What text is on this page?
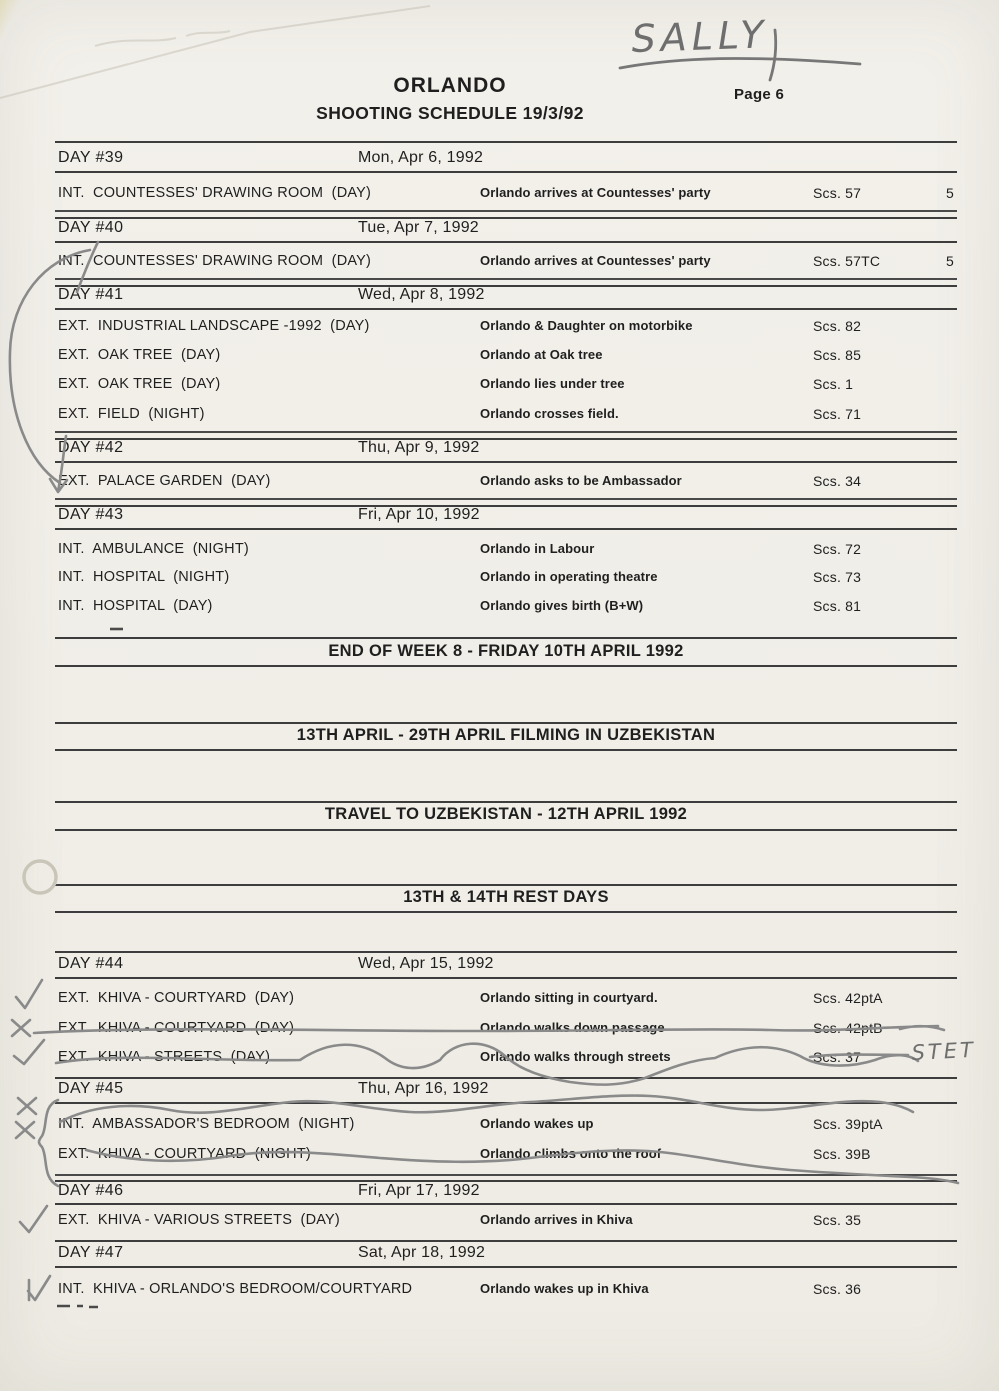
ORLANDO
SHOOTING SCHEDULE 19/3/92
Page 6
DAY #39	Mon, Apr 6, 1992
INT.  COUNTESSES' DRAWING ROOM  (DAY)	Orlando arrives at Countesses' party	Scs. 57	5
DAY #40	Tue, Apr 7, 1992
INT.  COUNTESSES' DRAWING ROOM  (DAY)	Orlando arrives at Countesses' party	Scs. 57TC	5
DAY #41	Wed, Apr 8, 1992
EXT.  INDUSTRIAL LANDSCAPE -1992  (DAY)	Orlando & Daughter on motorbike	Scs. 82
EXT.  OAK TREE  (DAY)	Orlando at Oak tree	Scs. 85
EXT.  OAK TREE  (DAY)	Orlando lies under tree	Scs. 1
EXT.  FIELD  (NIGHT)	Orlando crosses field.	Scs. 71
DAY #42	Thu, Apr 9, 1992
EXT.  PALACE GARDEN  (DAY)	Orlando asks to be Ambassador	Scs. 34
DAY #43	Fri, Apr 10, 1992
INT.  AMBULANCE  (NIGHT)	Orlando in Labour	Scs. 72
INT.  HOSPITAL  (NIGHT)	Orlando in operating theatre	Scs. 73
INT.  HOSPITAL  (DAY)	Orlando gives birth (B+W)	Scs. 81
END OF WEEK 8 - FRIDAY 10TH APRIL 1992
13TH APRIL - 29TH APRIL FILMING IN UZBEKISTAN
TRAVEL TO UZBEKISTAN - 12TH APRIL 1992
13TH & 14TH REST DAYS
DAY #44	Wed, Apr 15, 1992
EXT.  KHIVA - COURTYARD  (DAY)	Orlando sitting in courtyard.	Scs. 42ptA
EXT.  KHIVA - COURTYARD  (DAY)	Orlando walks down passage	Scs. 42ptB
EXT.  KHIVA - STREETS  (DAY)	Orlando walks through streets	Scs. 37
DAY #45	Thu, Apr 16, 1992
INT.  AMBASSADOR'S BEDROOM  (NIGHT)	Orlando wakes up	Scs. 39ptA
EXT.  KHIVA - COURTYARD  (NIGHT)	Orlando climbs onto the roof	Scs. 39B
DAY #46	Fri, Apr 17, 1992
EXT.  KHIVA - VARIOUS STREETS  (DAY)	Orlando arrives in Khiva	Scs. 35
DAY #47	Sat, Apr 18, 1992
INT.  KHIVA - ORLANDO'S BEDROOM/COURTYARD	Orlando wakes up in Khiva	Scs. 36
SALLY
STET
